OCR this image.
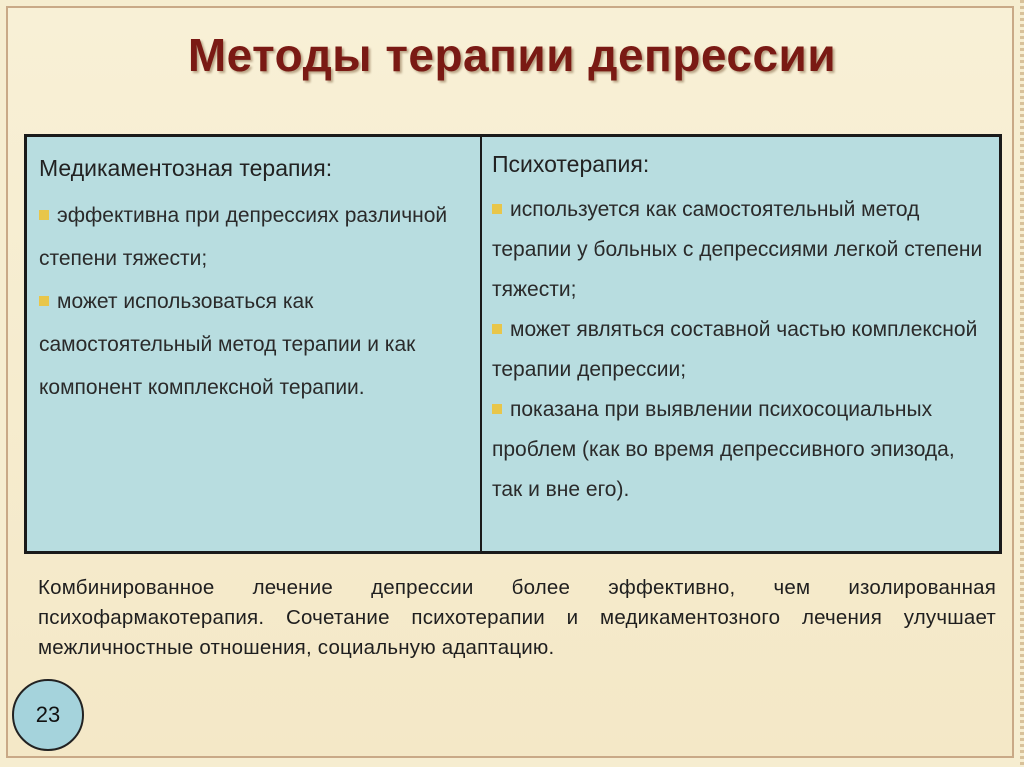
Методы терапии депрессии
Медикаментозная терапия:
эффективна при депрессиях различной степени тяжести;
может использоваться как самостоятельный метод терапии и как компонент комплексной терапии.
Психотерапия:
используется как самостоятельный метод терапии у больных с депрессиями легкой степени тяжести;
может являться составной частью комплексной терапии депрессии;
показана при выявлении психосоциальных проблем (как во время депрессивного эпизода, так и вне его).
Комбинированное лечение депрессии более эффективно, чем изолированная психофармакотерапия. Сочетание психотерапии и медикаментозного лечения улучшает межличностные отношения, социальную адаптацию.
23
